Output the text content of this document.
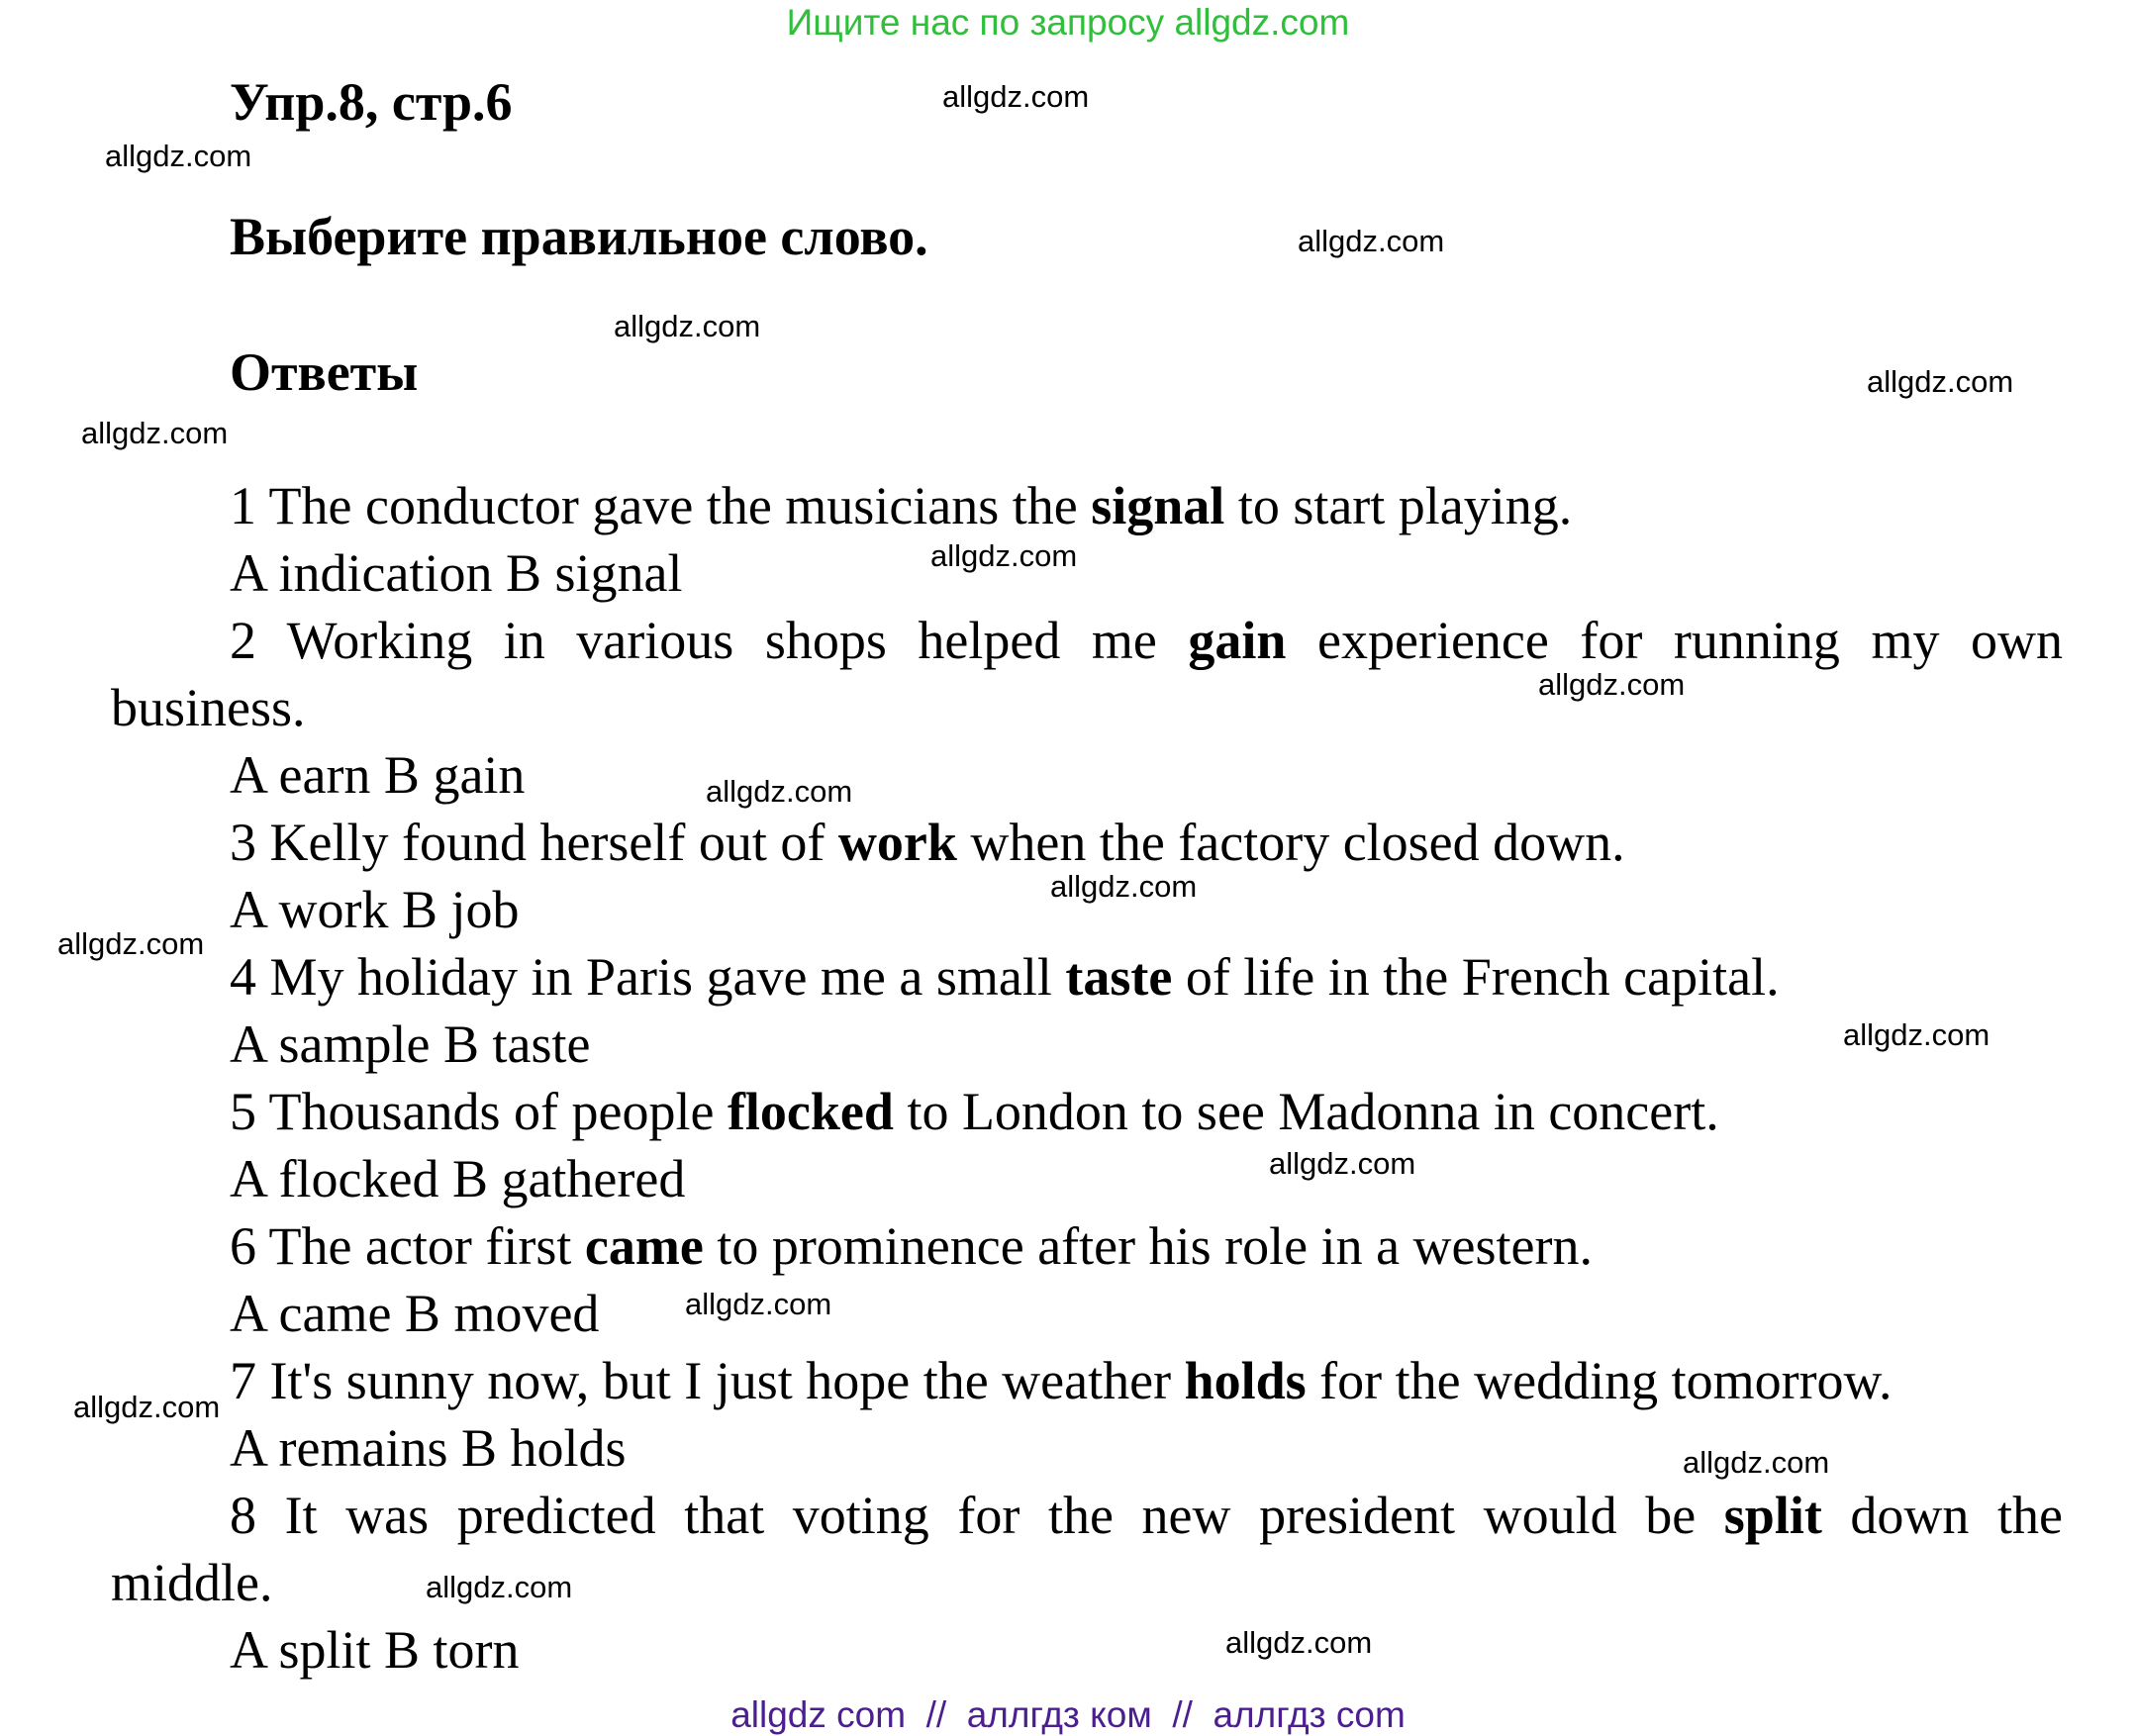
Ищите нас по запросу allgdz.com
Упр.8, стр.6
Выберите правильное слово.
Ответы
1 The conductor gave the musicians the signal to start playing.
A indication B signal
2 Working in various shops helped me gain experience for running my own
business.
A earn B gain
3 Kelly found herself out of work when the factory closed down.
A work B job
4 My holiday in Paris gave me a small taste of life in the French capital.
A sample B taste
5 Thousands of people flocked to London to see Madonna in concert.
A flocked B gathered
6 The actor first came to prominence after his role in a western.
A came B moved
7 It's sunny now, but I just hope the weather holds for the wedding tomorrow.
A remains B holds
8 It was predicted that voting for the new president would be split down the
middle.
A split B torn
allgdz.com
allgdz.com
allgdz.com
allgdz.com
allgdz.com
allgdz.com
allgdz.com
allgdz.com
allgdz.com
allgdz.com
allgdz.com
allgdz.com
allgdz.com
allgdz.com
allgdz.com
allgdz.com
allgdz.com
allgdz.com
allgdz com  //  аллгдз ком  //  аллгдз com
